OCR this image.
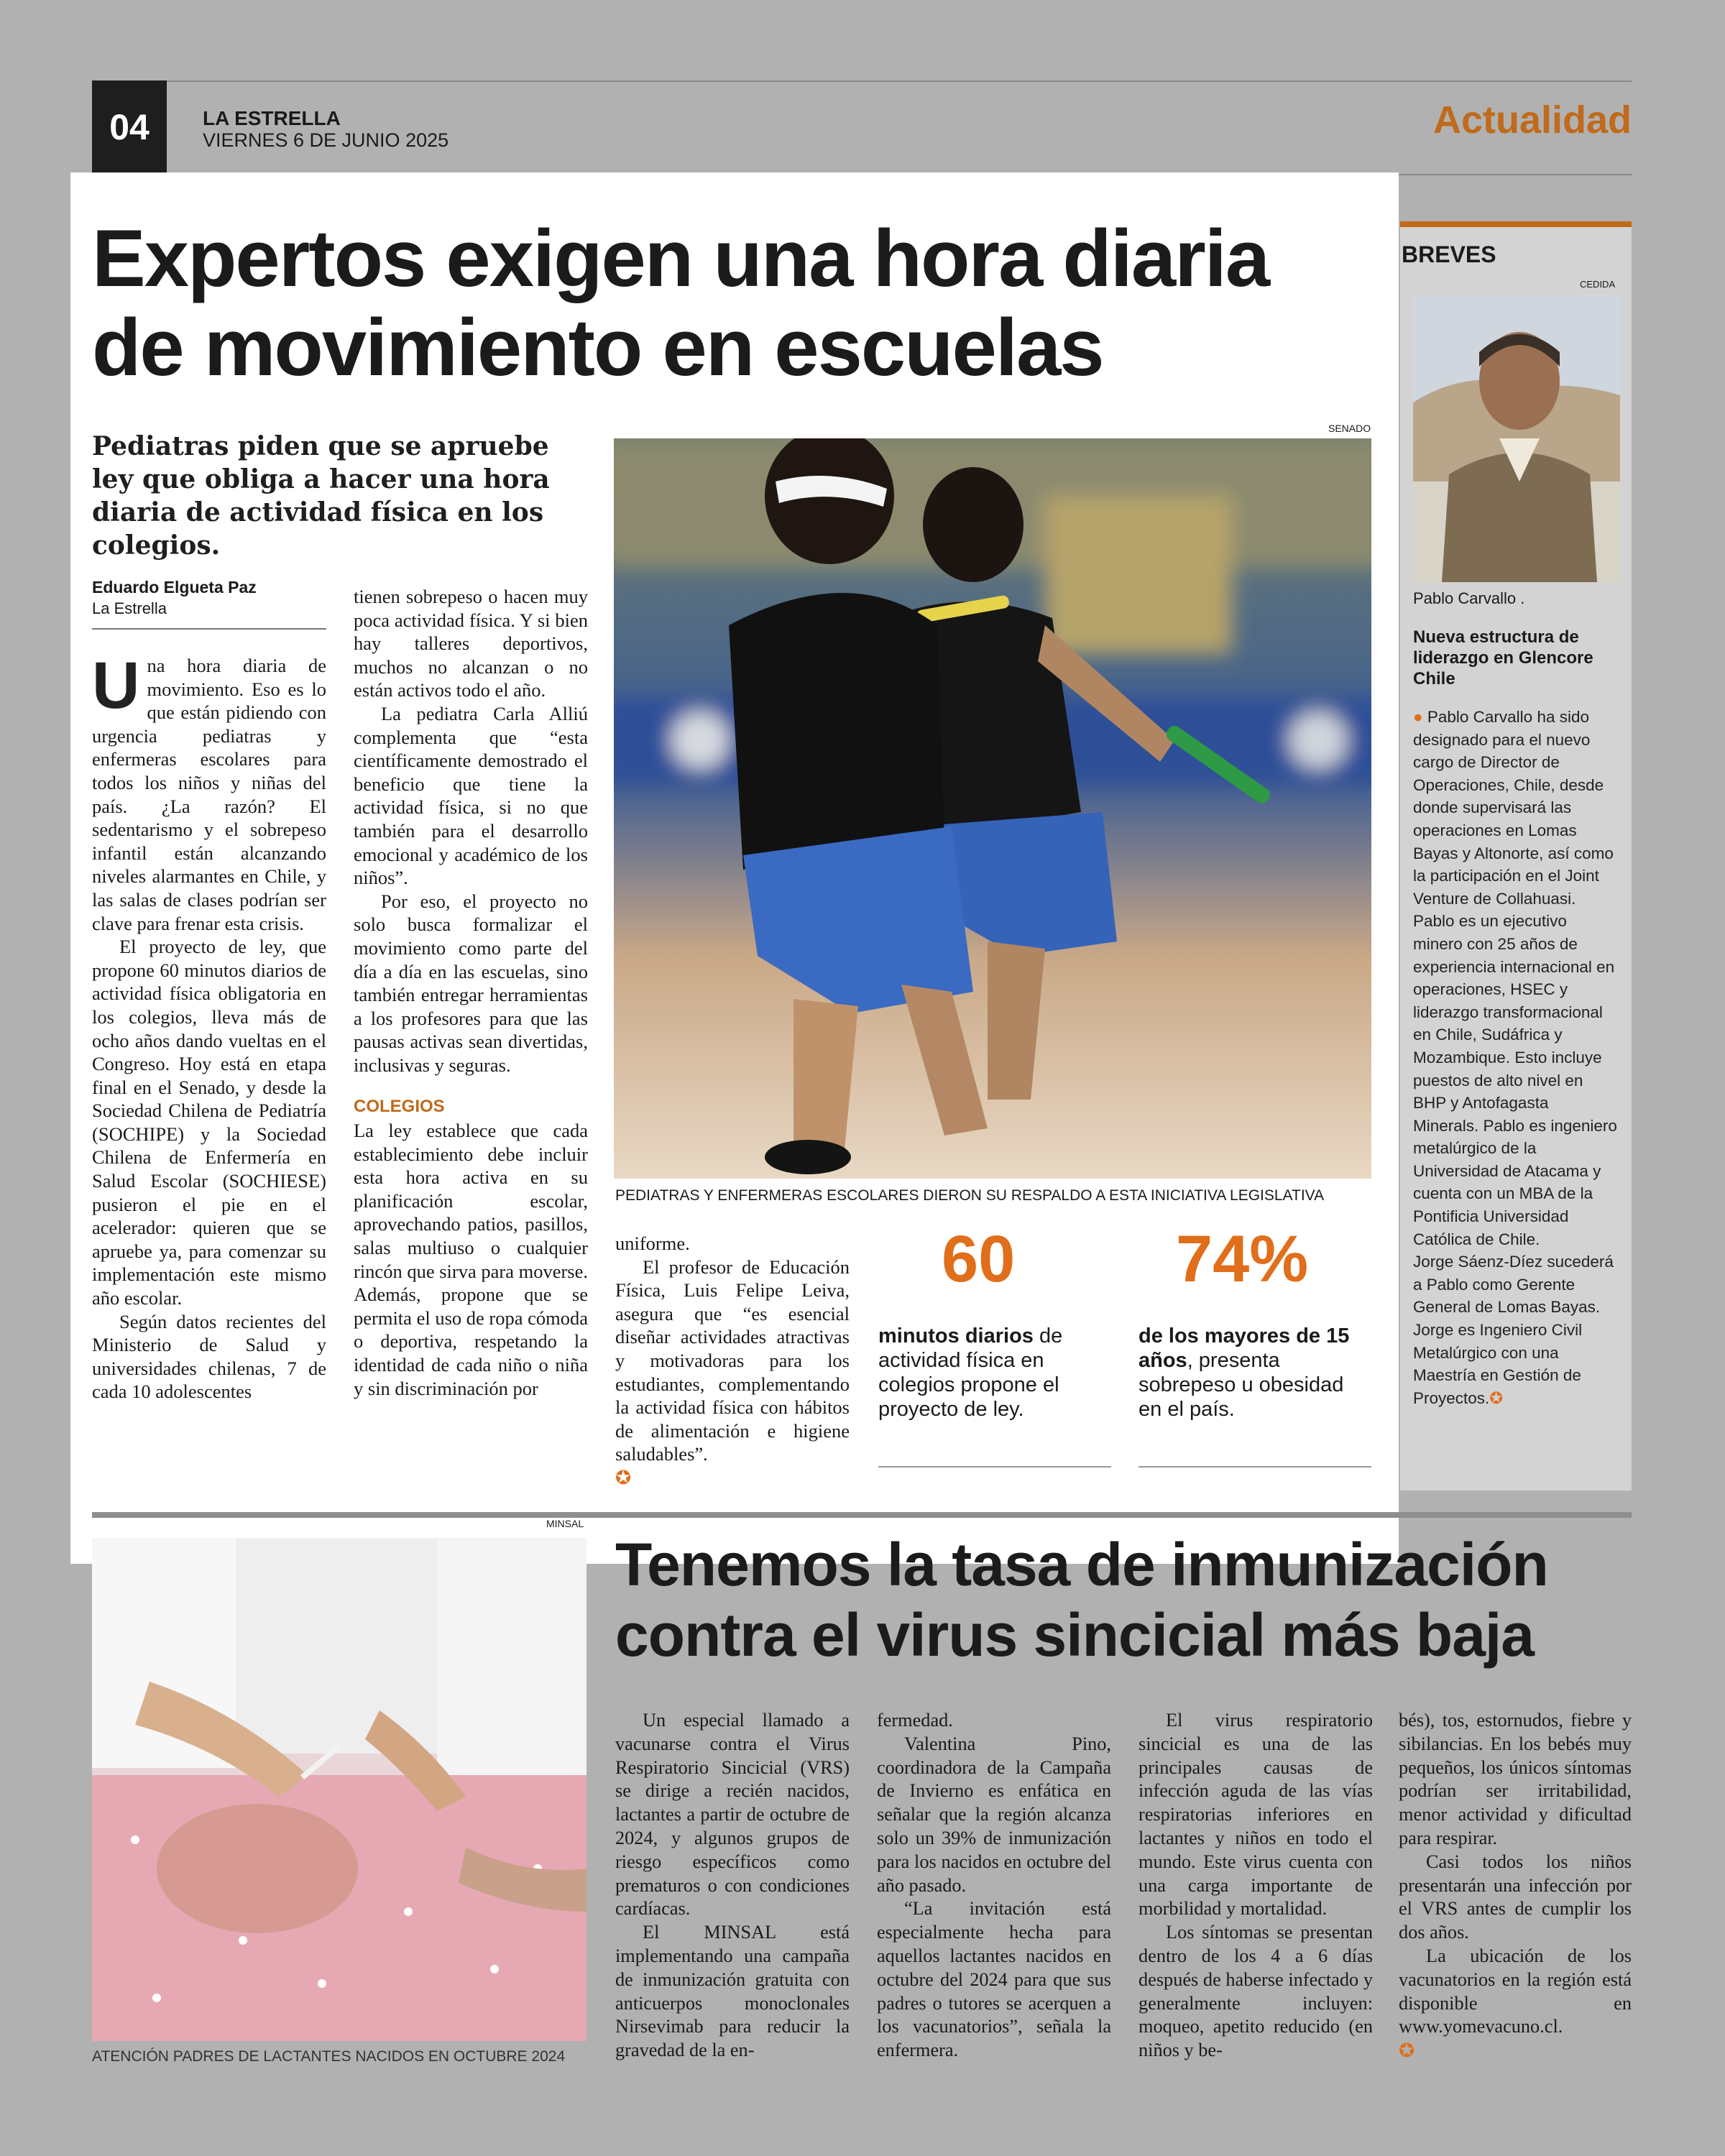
04	LA ESTRELLA
VIERNES 6 DE JUNIO 2025	Actualidad
Expertos exigen una hora diaria de movimiento en escuelas
Pediatras piden que se apruebe ley que obliga a hacer una hora diaria de actividad física en los colegios.
Eduardo Elgueta Paz
La Estrella
U na hora diaria de movimiento. Eso es lo que están pidiendo con urgencia pediatras y enfermeras escolares para todos los niños y niñas del país. ¿La razón? El sedentarismo y el sobrepeso infantil están alcanzando niveles alarmantes en Chile, y las salas de clases podrían ser clave para frenar esta crisis.

El proyecto de ley, que propone 60 minutos diarios de actividad física obligatoria en los colegios, lleva más de ocho años dando vueltas en el Congreso. Hoy está en etapa final en el Senado, y desde la Sociedad Chilena de Pediatría (SOCHIPE) y la Sociedad Chilena de Enfermería en Salud Escolar (SOCHIESE) pusieron el pie en el acelerador: quieren que se apruebe ya, para comenzar su implementación este mismo año escolar.

Según datos recientes del Ministerio de Salud y universidades chilenas, 7 de cada 10 adolescentes

tienen sobrepeso o hacen muy poca actividad física. Y si bien hay talleres deportivos, muchos no alcanzan o no están activos todo el año.

La pediatra Carla Alliú complementa que “esta científicamente demostrado el beneficio que tiene la actividad física, si no que también para el desarrollo emocional y académico de los niños”.

Por eso, el proyecto no solo busca formalizar el movimiento como parte del día a día en las escuelas, sino también entregar herramientas a los profesores para que las pausas activas sean divertidas, inclusivas y seguras.

COLEGIOS

La ley establece que cada establecimiento debe incluir esta hora activa en su planificación escolar, aprovechando patios, pasillos, salas multiuso o cualquier rincón que sirva para moverse. Además, propone que se permita el uso de ropa cómoda o deportiva, respetando la identidad de cada niño o niña y sin discriminación por

uniforme.

El profesor de Educación Física, Luis Felipe Leiva, asegura que “es esencial diseñar actividades atractivas y motivadoras para los estudiantes, complementando la actividad física con hábitos de alimentación e higiene saludables”.

✪
SENADO
PEDIATRAS Y ENFERMERAS ESCOLARES DIERON SU RESPALDO A ESTA INICIATIVA LEGISLATIVA
60
minutos diarios de actividad física en colegios propone el proyecto de ley.
74%
de los mayores de 15 años, presenta sobrepeso u obesidad en el país.
BREVES
CEDIDA
Pablo Carvallo .
Nueva estructura de liderazgo en Glencore Chile
● Pablo Carvallo ha sido designado para el nuevo cargo de Director de Operaciones, Chile, desde donde supervisará las operaciones en Lomas Bayas y Altonorte, así como la participación en el Joint Venture de Collahuasi. Pablo es un ejecutivo minero con 25 años de experiencia internacional en operaciones, HSEC y liderazgo transformacional en Chile, Sudáfrica y Mozambique. Esto incluye puestos de alto nivel en BHP y Antofagasta Minerals. Pablo es ingeniero metalúrgico de la Universidad de Atacama y cuenta con un MBA de la Pontificia Universidad Católica de Chile.
Jorge Sáenz-Díez sucederá a Pablo como Gerente General de Lomas Bayas. Jorge es Ingeniero Civil Metalúrgico con una Maestría en Gestión de Proyectos.✪
MINSAL
ATENCIÓN PADRES DE LACTANTES NACIDOS EN OCTUBRE 2024
Tenemos la tasa de inmunización contra el virus sincicial más baja

Un especial llamado a vacunarse contra el Virus Respiratorio Sincicial (VRS) se dirige a recién nacidos, lactantes a partir de octubre de 2024, y algunos grupos de riesgo específicos como prematuros o con condiciones cardíacas.

El MINSAL está implementando una campaña de inmunización gratuita con anticuerpos monoclonales Nirsevimab para reducir la gravedad de la en-

fermedad.

Valentina Pino, coordinadora de la Campaña de Invierno es enfática en señalar que la región alcanza solo un 39% de inmunización para los nacidos en octubre del año pasado.

“La invitación está especialmente hecha para aquellos lactantes nacidos en octubre del 2024 para que sus padres o tutores se acerquen a los vacunatorios”, señala la enfermera.

El virus respiratorio sincicial es una de las principales causas de infección aguda de las vías respiratorias inferiores en lactantes y niños en todo el mundo. Este virus cuenta con una carga importante de morbilidad y mortalidad.

Los síntomas se presentan dentro de los 4 a 6 días después de haberse infectado y generalmente incluyen: moqueo, apetito reducido (en niños y be-

bés), tos, estornudos, fiebre y sibilancias. En los bebés muy pequeños, los únicos síntomas podrían ser irritabilidad, menor actividad y dificultad para respirar.

Casi todos los niños presentarán una infección por el VRS antes de cumplir los dos años.

La ubicación de los vacunatorios en la región está disponible en www.yomevacuno.cl.

✪
